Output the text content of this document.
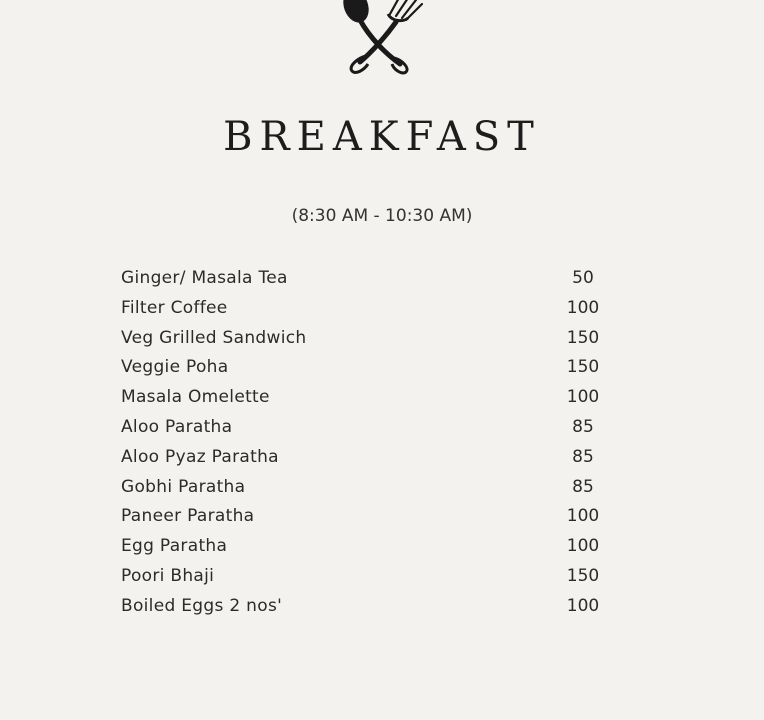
BREAKFAST
(8:30 AM - 10:30 AM)
Ginger/ Masala Tea	50
Filter Coffee	100
Veg Grilled Sandwich	150
Veggie Poha	150
Masala Omelette	100
Aloo Paratha	85
Aloo Pyaz Paratha	85
Gobhi Paratha	85
Paneer Paratha	100
Egg Paratha	100
Poori Bhaji	150
Boiled Eggs 2 nos'	100
